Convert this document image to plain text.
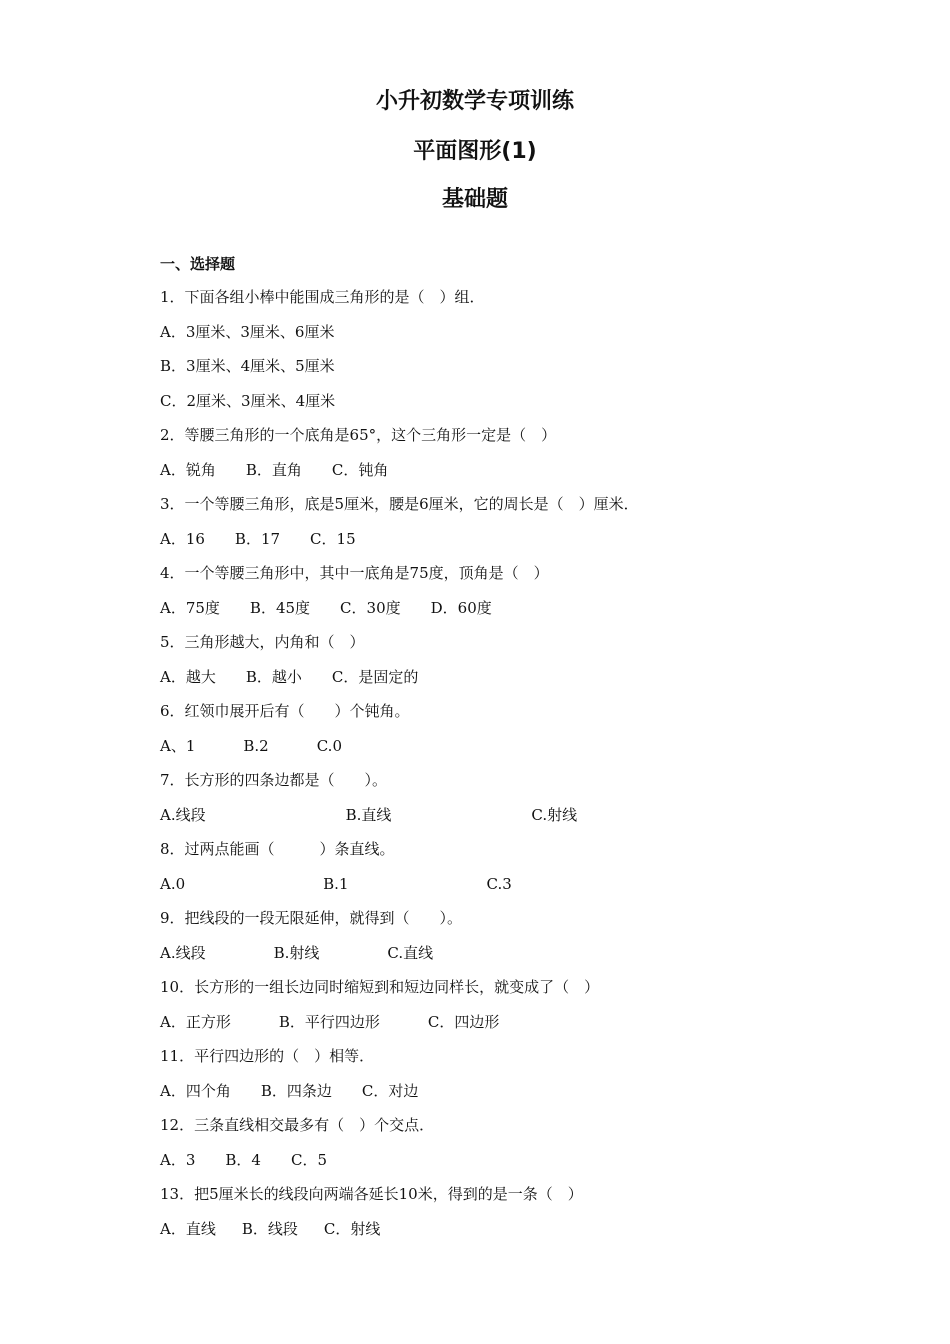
小升初数学专项训练
平面图形(1)
基础题
一、选择题
1．下面各组小棒中能围成三角形的是（　）组．
A．3厘米、3厘米、6厘米
B．3厘米、4厘米、5厘米
C．2厘米、3厘米、4厘米
2．等腰三角形的一个底角是65°，这个三角形一定是（　）
A．锐角 B．直角 C．钝角
3．一个等腰三角形，底是5厘米，腰是6厘米，它的周长是（　）厘米．
A．16 B．17 C．15
4．一个等腰三角形中，其中一底角是75度，顶角是（　）
A．75度 B．45度 C．30度 D．60度
5．三角形越大，内角和（　）
A．越大 B．越小 C．是固定的
6．红领巾展开后有（　　）个钝角。
A、1	B.2	C.0
7．长方形的四条边都是（　　）。
A.线段	B.直线	C.射线
8．过两点能画（　　　）条直线。
A.0	B.1	C.3
9．把线段的一段无限延伸，就得到（　　）。
A.线段	B.射线	C.直线
10．长方形的一组长边同时缩短到和短边同样长，就变成了（　）
A．正方形	B．平行四边形	C．四边形
11．平行四边形的（　）相等．
A．四个角 B．四条边 C．对边
12．三条直线相交最多有（　）个交点．
A．3 B．4 C．5
13．把5厘米长的线段向两端各延长10米，得到的是一条（　）
A．直线 B．线段 C．射线
